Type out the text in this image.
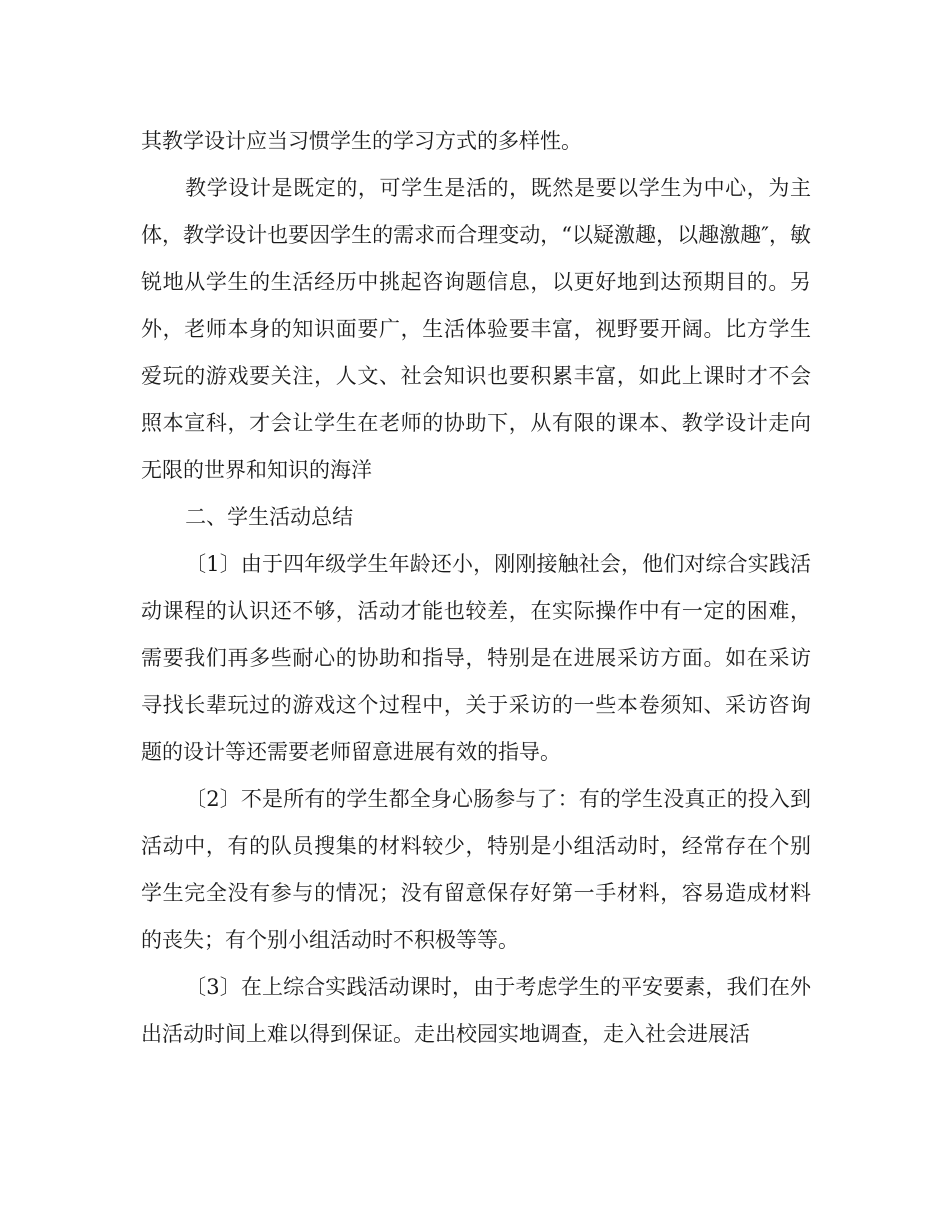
其教学设计应当习惯学生的学习方式的多样性。

教学设计是既定的，可学生是活的，既然是要以学生为中心，为主体，教学设计也要因学生的需求而合理变动，“以疑激趣，以趣激趣″，敏锐地从学生的生活经历中挑起咨询题信息，以更好地到达预期目的。另外，老师本身的知识面要广，生活体验要丰富，视野要开阔。比方学生爱玩的游戏要关注，人文、社会知识也要积累丰富，如此上课时才不会照本宣科，才会让学生在老师的协助下，从有限的课本、教学设计走向无限的世界和知识的海洋

二、学生活动总结

〔1〕由于四年级学生年龄还小，刚刚接触社会，他们对综合实践活动课程的认识还不够，活动才能也较差，在实际操作中有一定的困难，需要我们再多些耐心的协助和指导，特别是在进展采访方面。如在采访寻找长辈玩过的游戏这个过程中，关于采访的一些本卷须知、采访咨询题的设计等还需要老师留意进展有效的指导。

〔2〕不是所有的学生都全身心肠参与了：有的学生没真正的投入到活动中，有的队员搜集的材料较少，特别是小组活动时，经常存在个别学生完全没有参与的情况；没有留意保存好第一手材料，容易造成材料的丧失；有个别小组活动时不积极等等。

〔3〕在上综合实践活动课时，由于考虑学生的平安要素，我们在外出活动时间上难以得到保证。走出校园实地调查，走入社会进展活
